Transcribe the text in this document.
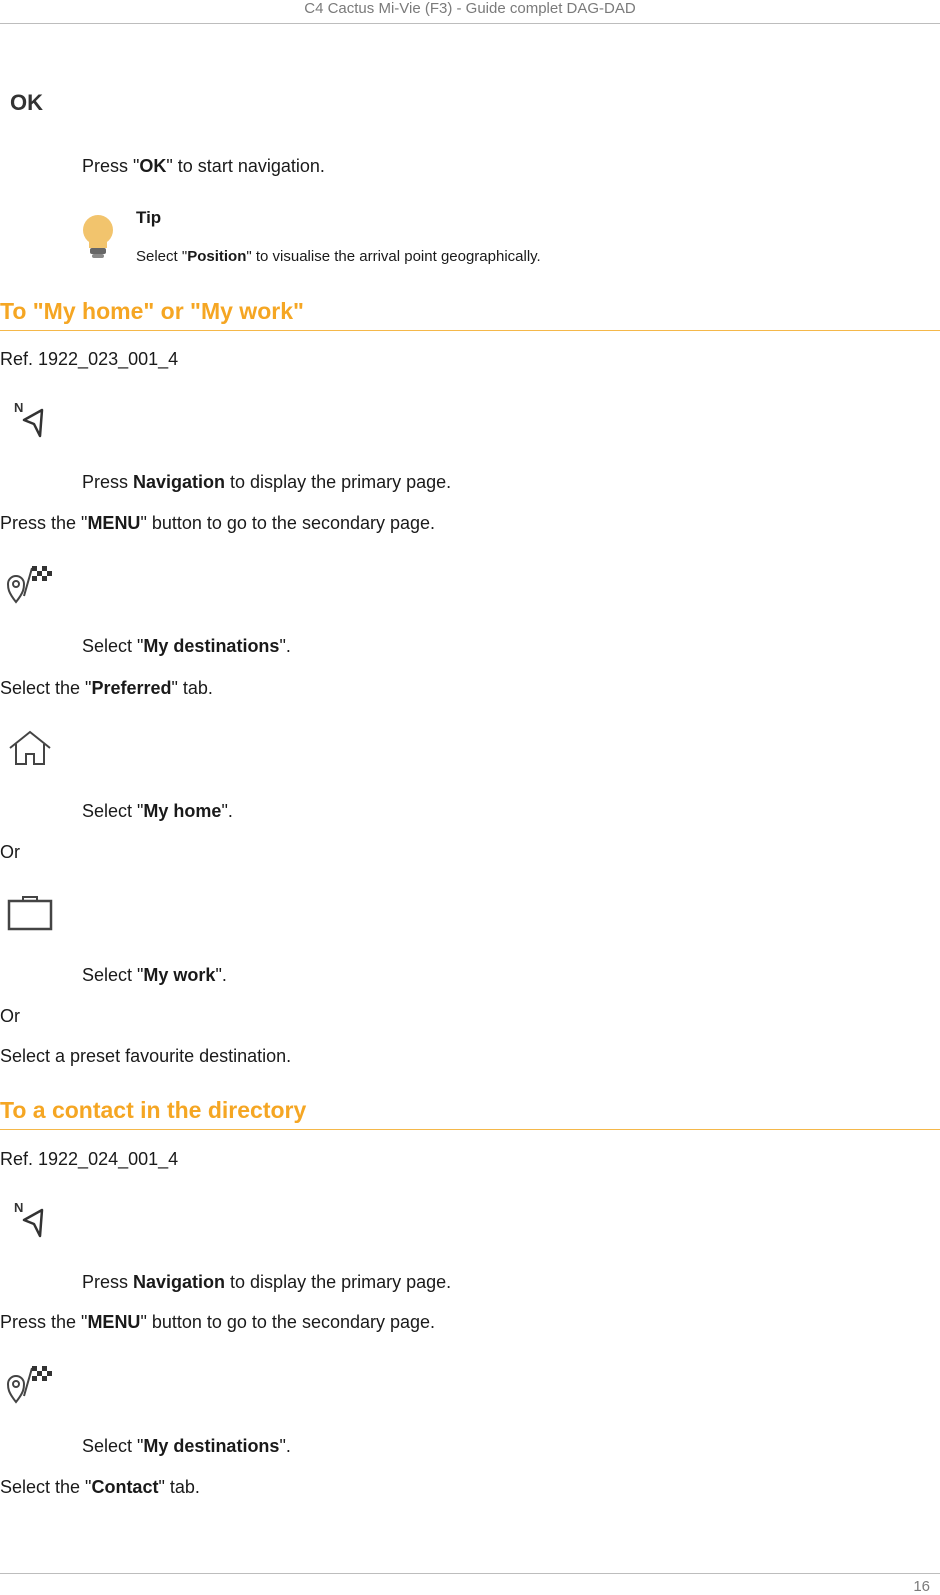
C4 Cactus Mi-Vie (F3) - Guide complet DAG-DAD
OK
Press "OK" to start navigation.
Tip
Select "Position" to visualise the arrival point geographically.
To "My home" or "My work"
Ref. 1922_023_001_4
N
Press Navigation to display the primary page.
Press the "MENU" button to go to the secondary page.
Select "My destinations".
Select the "Preferred" tab.
Select "My home".
Or
Select "My work".
Or
Select a preset favourite destination.
To a contact in the directory
Ref. 1922_024_001_4
N
Press Navigation to display the primary page.
Press the "MENU" button to go to the secondary page.
Select "My destinations".
Select the "Contact" tab.
16
